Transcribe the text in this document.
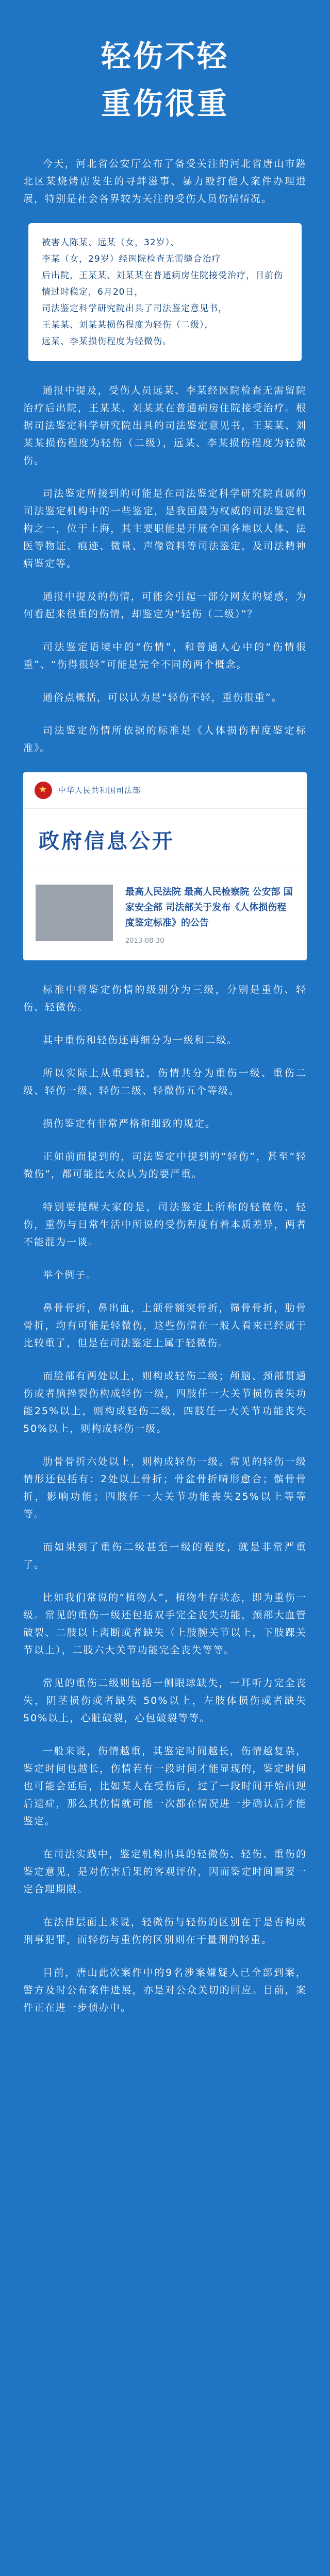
轻伤不轻
重伤很重

今天，河北省公安厅公布了备受关注的河北省唐山市路北区某烧烤店发生的寻衅滋事、暴力殴打他人案件办理进展，特别是社会各界较为关注的受伤人员伤情情况。

被害人陈某、远某（女，32岁）、

李某（女，29岁）经医院检查无需缝合治疗

后出院，王某某、刘某某在普通病房住院接受治疗，目前伤情过时稳定，6月20日，

司法鉴定科学研究院出具了司法鉴定意见书，

王某某、刘某某损伤程度为轻伤（二级），

远某、李某损伤程度为轻微伤。

通报中提及，受伤人员远某、李某经医院检查无需留院治疗后出院，王某某、刘某某在普通病房住院接受治疗。根据司法鉴定科学研究院出具的司法鉴定意见书，王某某、刘某某损伤程度为轻伤（二级），远某、李某损伤程度为轻微伤。

司法鉴定所接到的可能是在司法鉴定科学研究院直属的司法鉴定机构中的一些鉴定，是我国最为权威的司法鉴定机构之一，位于上海，其主要职能是开展全国各地以人体、法医等物证、痕迹、微量、声像资料等司法鉴定，及司法精神病鉴定等。

通报中提及的伤情，可能会引起一部分网友的疑惑，为何看起来很重的伤情，却鉴定为“轻伤（二级）”？

司法鉴定语境中的“伤情”，和普通人心中的“伤情很重”、“伤得很轻”可能是完全不同的两个概念。

通俗点概括，可以认为是“轻伤不轻，重伤很重”。

司法鉴定伤情所依据的标准是《人体损伤程度鉴定标准》。

★
中华人民共和国司法部
政府信息公开
最高人民法院 最高人民检察院 公安部 国家安全部 司法部关于发布《人体损伤程度鉴定标准》的公告
2013-08-30

标准中将鉴定伤情的级别分为三级，分别是重伤、轻伤、轻微伤。

其中重伤和轻伤还再细分为一级和二级。

所以实际上从重到轻，伤情共分为重伤一级、重伤二级、轻伤一级、轻伤二级、轻微伤五个等级。

损伤鉴定有非常严格和细致的规定。

正如前面提到的，司法鉴定中提到的“轻伤”，甚至“轻微伤”，都可能比大众认为的要严重。

特别要提醒大家的是，司法鉴定上所称的轻微伤、轻伤，重伤与日常生活中所说的受伤程度有着本质差异，两者不能混为一谈。

举个例子。

鼻骨骨折，鼻出血，上颌骨额突骨折，筛骨骨折，肋骨骨折，均有可能是轻微伤，这些伤情在一般人看来已经属于比较重了，但是在司法鉴定上属于轻微伤。

而脸部有两处以上，则构成轻伤二级；颅脑、颈部贯通伤或者脑挫裂伤构成轻伤一级，四肢任一大关节损伤丧失功能25%以上，则构成轻伤二级，四肢任一大关节功能丧失50%以上，则构成轻伤一级。

肋骨骨折六处以上，则构成轻伤一级。常见的轻伤一级情形还包括有：2处以上骨折；骨盆骨折畸形愈合；髌骨骨折，影响功能；四肢任一大关节功能丧失25%以上等等等。

而如果到了重伤二级甚至一级的程度，就是非常严重了。

比如我们常说的“植物人”，植物生存状态，即为重伤一级。常见的重伤一级还包括双手完全丧失功能，颈部大血管破裂、二肢以上离断或者缺失（上肢腕关节以上，下肢踝关节以上），二肢六大关节功能完全丧失等等。

常见的重伤二级则包括一侧眼球缺失，一耳听力完全丧失，阴茎损伤或者缺失 50%以上，左肢体损伤或者缺失50%以上，心脏破裂，心包破裂等等。

一般来说，伤情越重，其鉴定时间越长，伤情越复杂，鉴定时间也越长，伤情若有一段时间才能显现的，鉴定时间也可能会延后，比如某人在受伤后，过了一段时间开始出现后遗症，那么其伤情就可能一次都在情况进一步确认后才能鉴定。

在司法实践中，鉴定机构出具的轻微伤、轻伤、重伤的鉴定意见，是对伤害后果的客观评价，因而鉴定时间需要一定合理期限。

在法律层面上来说，轻微伤与轻伤的区别在于是否构成刑事犯罪，而轻伤与重伤的区别则在于量刑的轻重。

目前，唐山此次案件中的9名涉案嫌疑人已全部到案，警方及时公布案件进展，亦是对公众关切的回应。目前，案件正在进一步侦办中。
